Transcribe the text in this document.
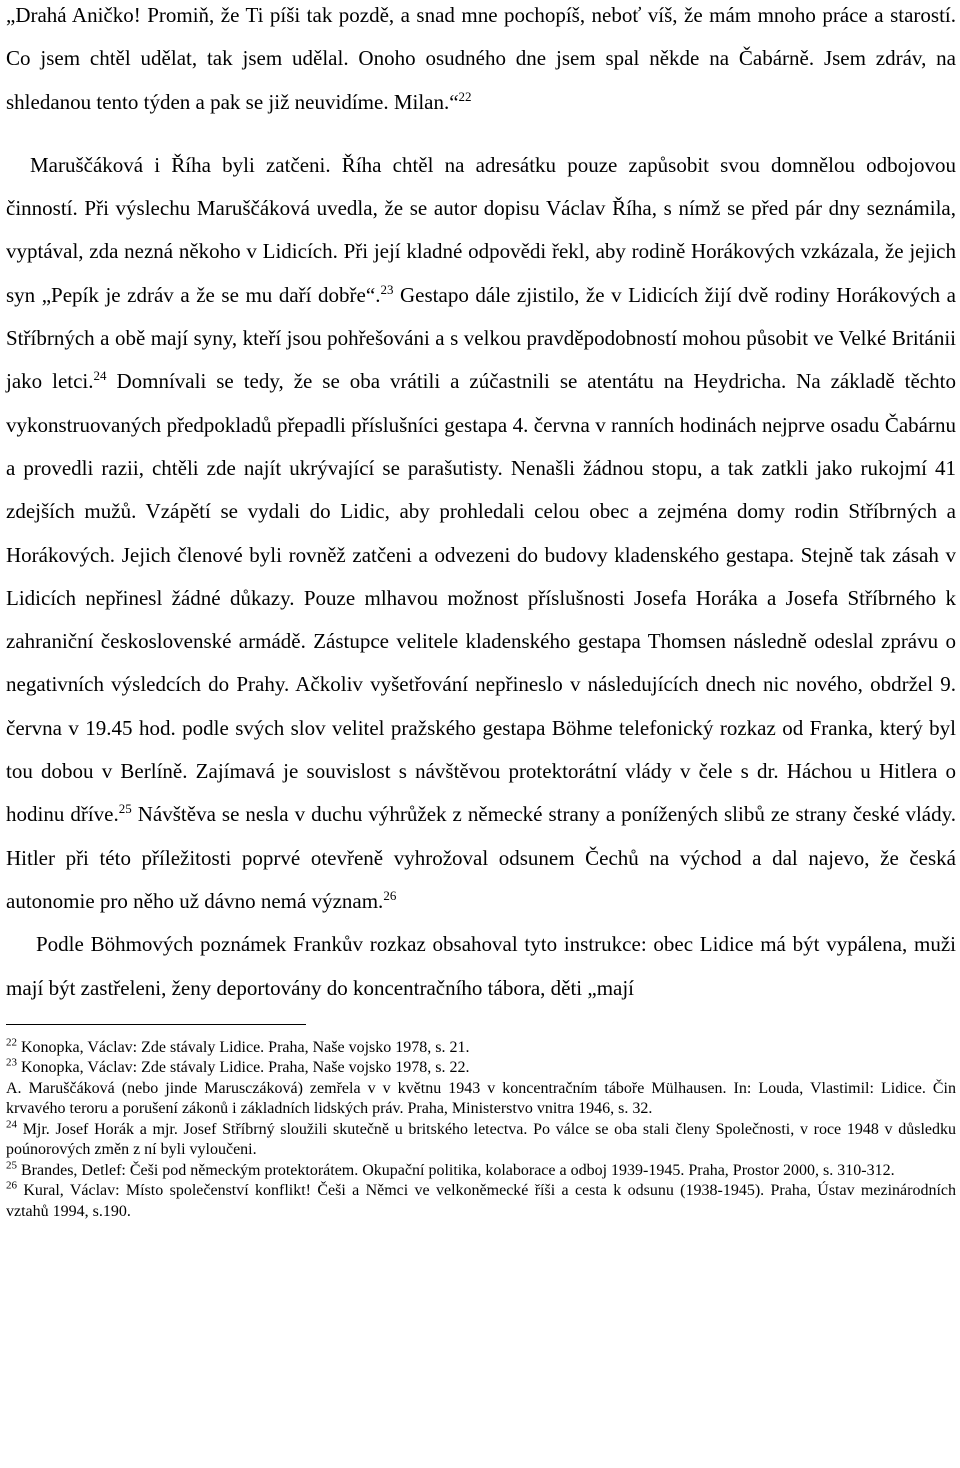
„Drahá Aničko! Promiň, že Ti píši tak pozdě, a snad mne pochopíš, neboť víš, že mám mnoho práce a starostí. Co jsem chtěl udělat, tak jsem udělal. Onoho osudného dne jsem spal někde na Čabárně. Jsem zdráv, na shledanou tento týden a pak se již neuvidíme. Milan.“$^{22}$

Maruščáková i Říha byli zatčeni. Říha chtěl na adresátku pouze zapůsobit svou domnělou odbojovou činností. Při výslechu Maruščáková uvedla, že se autor dopisu Václav Říha, s nímž se před pár dny seznámila, vyptával, zda nezná někoho v Lidicích. Při její kladné odpovědi řekl, aby rodině Horákových vzkázala, že jejich syn „Pepík je zdráv a že se mu daří dobře“.$^{23}$ Gestapo dále zjistilo, že v Lidicích žijí dvě rodiny Horákových a Stříbrných a obě mají syny, kteří jsou pohřešováni a s velkou pravděpodobností mohou působit ve Velké Británii jako letci.$^{24}$ Domnívali se tedy, že se oba vrátili a zúčastnili se atentátu na Heydricha. Na základě těchto vykonstruovaných předpokladů přepadli příslušníci gestapa 4. června v ranních hodinách nejprve osadu Čabárnu a provedli razii, chtěli zde najít ukrývající se parašutisty. Nenašli žádnou stopu, a tak zatkli jako rukojmí 41 zdejších mužů. Vzápětí se vydali do Lidic, aby prohledali celou obec a zejména domy rodin Stříbrných a Horákových. Jejich členové byli rovněž zatčeni a odvezeni do budovy kladenského gestapa. Stejně tak zásah v Lidicích nepřinesl žádné důkazy. Pouze mlhavou možnost příslušnosti Josefa Horáka a Josefa Stříbrného k zahraniční československé armádě. Zástupce velitele kladenského gestapa Thomsen následně odeslal zprávu o negativních výsledcích do Prahy. Ačkoliv vyšetřování nepřineslo v následujících dnech nic nového, obdržel 9. června v 19.45 hod. podle svých slov velitel pražského gestapa Böhme telefonický rozkaz od Franka, který byl tou dobou v Berlíně. Zajímavá je souvislost s návštěvou protektorátní vlády v čele s dr. Háchou u Hitlera o hodinu dříve.$^{25}$ Návštěva se nesla v duchu výhrůžek z německé strany a ponížených slibů ze strany české vlády. Hitler při této příležitosti poprvé otevřeně vyhrožoval odsunem Čechů na východ a dal najevo, že česká autonomie pro něho už dávno nemá význam.$^{26}$

Podle Böhmových poznámek Frankův rozkaz obsahoval tyto instrukce: obec Lidice má být vypálena, muži mají být zastřeleni, ženy deportovány do koncentračního tábora, děti „mají

$^{22}$ Konopka, Václav: Zde stávaly Lidice. Praha, Naše vojsko 1978, s. 21.

$^{23}$ Konopka, Václav: Zde stávaly Lidice. Praha, Naše vojsko 1978, s. 22.

A. Maruščáková (nebo jinde Marusczáková) zemřela v v květnu 1943 v koncentračním táboře Mülhausen. In: Louda, Vlastimil: Lidice. Čin krvavého teroru a porušení zákonů i základních lidských práv. Praha, Ministerstvo vnitra 1946, s. 32.

$^{24}$ Mjr. Josef Horák a mjr. Josef Stříbrný sloužili skutečně u britského letectva. Po válce se oba stali členy Společnosti, v roce 1948 v důsledku poúnorových změn z ní byli vyloučeni.

$^{25}$ Brandes, Detlef: Češi pod německým protektorátem. Okupační politika, kolaborace a odboj 1939-1945. Praha, Prostor 2000, s. 310-312.

$^{26}$ Kural, Václav: Místo společenství konflikt! Češi a Němci ve velkoněmecké říši a cesta k odsunu (1938-1945). Praha, Ústav mezinárodních vztahů 1994, s.190.
